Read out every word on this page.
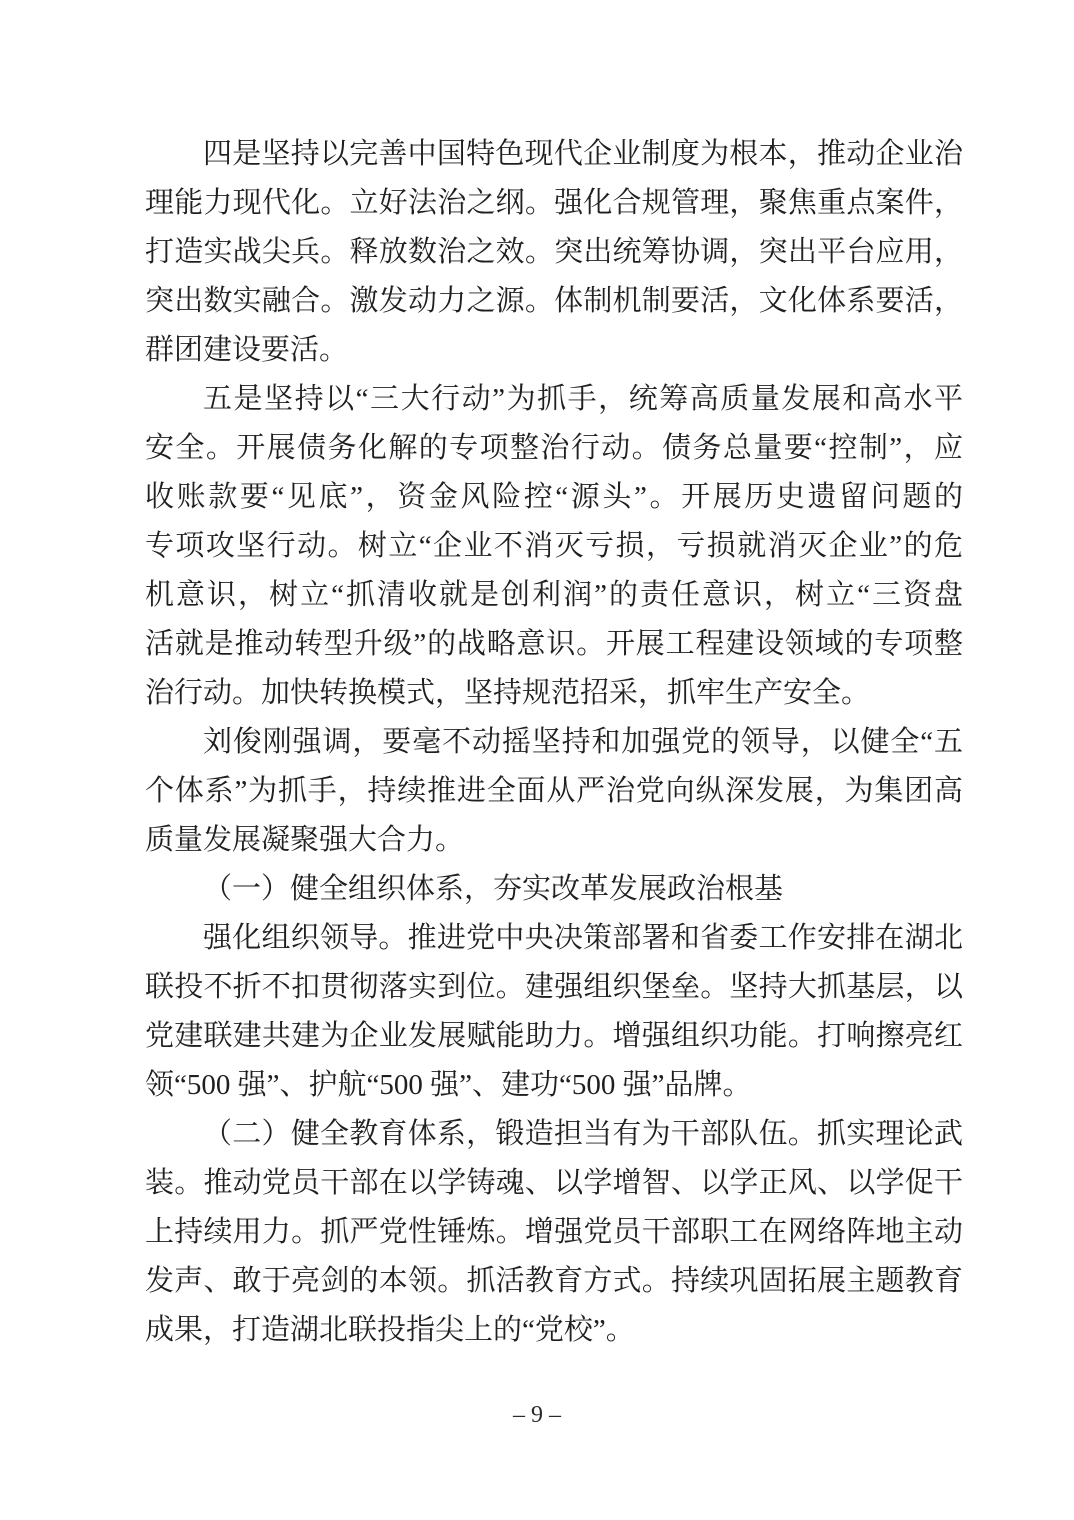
四是坚持以完善中国特色现代企业制度为根本，推动企业治
理能力现代化。立好法治之纲。强化合规管理，聚焦重点案件，
打造实战尖兵。释放数治之效。突出统筹协调，突出平台应用，
突出数实融合。激发动力之源。体制机制要活，文化体系要活，
群团建设要活。
五是坚持以“三大行动”为抓手，统筹高质量发展和高水平
安全。开展债务化解的专项整治行动。债务总量要“控制”，应
收账款要“见底”，资金风险控“源头”。开展历史遗留问题的
专项攻坚行动。树立“企业不消灭亏损，亏损就消灭企业”的危
机意识，树立“抓清收就是创利润”的责任意识，树立“三资盘
活就是推动转型升级”的战略意识。开展工程建设领域的专项整
治行动。加快转换模式，坚持规范招采，抓牢生产安全。
刘俊刚强调，要毫不动摇坚持和加强党的领导，以健全“五
个体系”为抓手，持续推进全面从严治党向纵深发展，为集团高
质量发展凝聚强大合力。
（一）健全组织体系，夯实改革发展政治根基
强化组织领导。推进党中央决策部署和省委工作安排在湖北
联投不折不扣贯彻落实到位。建强组织堡垒。坚持大抓基层，以
党建联建共建为企业发展赋能助力。增强组织功能。打响擦亮红
领“500 强”、护航“500 强”、建功“500 强”品牌。
（二）健全教育体系，锻造担当有为干部队伍。抓实理论武
装。推动党员干部在以学铸魂、以学增智、以学正风、以学促干
上持续用力。抓严党性锤炼。增强党员干部职工在网络阵地主动
发声、敢于亮剑的本领。抓活教育方式。持续巩固拓展主题教育
成果，打造湖北联投指尖上的“党校”。
– 9 –
